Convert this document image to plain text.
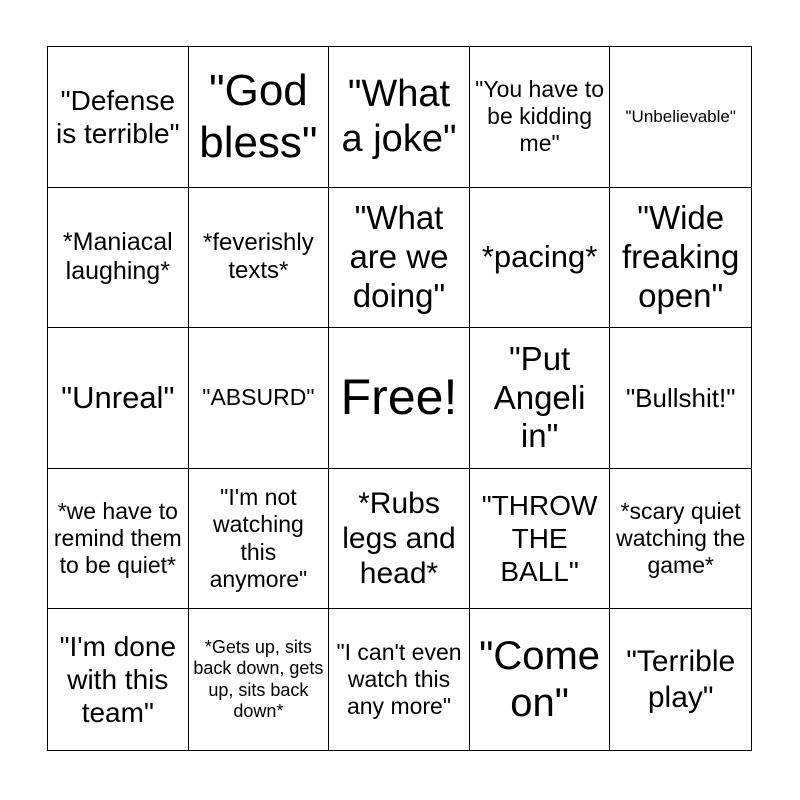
"Defense is terrible"
"God bless"
"What a joke"
"You have to be kidding me"
"Unbelievable"
*Maniacal laughing*
*feverishly texts*
"What are we doing"
*pacing*
"Wide freaking open"
"Unreal" "ABSURD" Free!
"Put Angeli in"
"Bullshit!"
*we have to remind them to be quiet*
"I'm not watching this anymore"
*Rubs legs and head*
"THROW THE BALL"
*scary quiet watching the game*
"I'm done with this team"
*Gets up, sits back down, gets up, sits back down*
"I can't even watch this any more"
"Come on"
"Terrible play"
